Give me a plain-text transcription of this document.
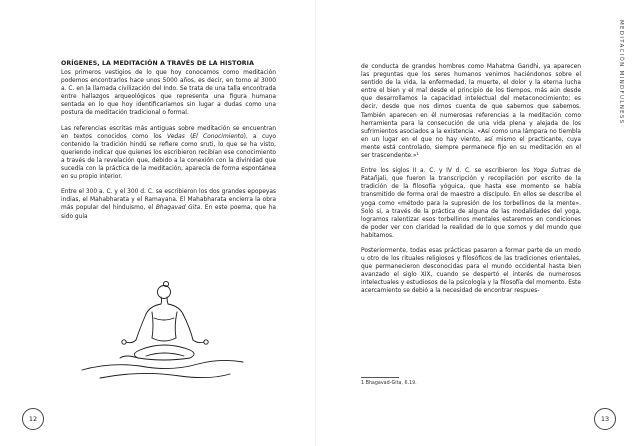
ORÍGENES, LA MEDITACIÓN A TRAVÉS DE LA HISTORIA

Los primeros vestigios de lo que hoy conocemos como meditación podemos encontrarlos hace unos 5000 años, es decir, en torno al 3000 a. C. en la llamada civilización del Indo. Se trata de una talla encontrada entre hallazgos arqueológicos que representa una figura humana sentada en lo que hoy identificaríamos sin lugar a dudas como una postura de meditación tradicional o formal.

Las referencias escritas más antiguas sobre meditación se encuentran en textos conocidos como los Vedas (El Conocimiento), a cuyo contenido la tradición hindú se refiere como sruti, lo que se ha visto, queriendo indicar que quienes los escribieron recibían ese conocimiento a través de la revelación que, debido a la conexión con la divinidad que sucedía con la práctica de la meditación, aparecía de forma espontánea en su propio interior.

Entre el 300 a. C. y el 300 d. C. se escribieron los dos grandes epopeyas indias, el Mahabharata y el Ramayana. El Mahabharata encierra la obra más popular del hinduismo, el Bhagavad Gita. En este poema, que ha sido guía

12
MEDITACIÓN MINDFULNESS

de conducta de grandes hombres como Mahatma Gandhi, ya aparecen las preguntas que los seres humanos venimos haciéndonos sobre el sentido de la vida, la enfermedad, la muerte, el dolor y la eterna lucha entre el bien y el mal desde el principio de los tiempos, más aún desde que desarrollamos la capacidad intelectual del metaconocimiento; es decir, desde que nos dimos cuenta de que sabemos que sabemos. También aparecen en él numerosas referencias a la meditación como herramienta para la consecución de una vida plena y alejada de los sufrimientos asociados a la existencia. «Así como una lámpara no tiembla en un lugar en el que no hay viento, así mismo el practicante, cuya mente está controlado, siempre permanece fijo en su meditación en el ser trascendente.»¹

Entre los siglos II a. C. y IV d. C. se escribieron los Yoga Sutras de Patañjali, que fueron la transcripción y recopilación por escrito de la tradición de la filosofía yóguica, que hasta ese momento se había transmitido de forma oral de maestro a discípulo. En ellos se describe el yoga como «método para la supresión de los torbellinos de la mente». Solo si, a través de la práctica de alguna de las modalidades del yoga, logramos ralentizar esos torbellinos mentales estaremos en condiciones de poder ver con claridad la realidad de lo que somos y del mundo que habitamos.

Posteriormente, todas esas prácticas pasaron a formar parte de un modo u otro de los rituales religiosos y filosóficos de las tradiciones orientales, que permanecieron desconocidas para el mundo occidental hasta bien avanzado el siglo XIX, cuando se despertó el interés de numerosos intelectuales y estudiosos de la psicología y la filosofía del momento. Este acercamiento se debió a la necesidad de encontrar respues-

1 Bhagavad-Gita, 6.19.
13
